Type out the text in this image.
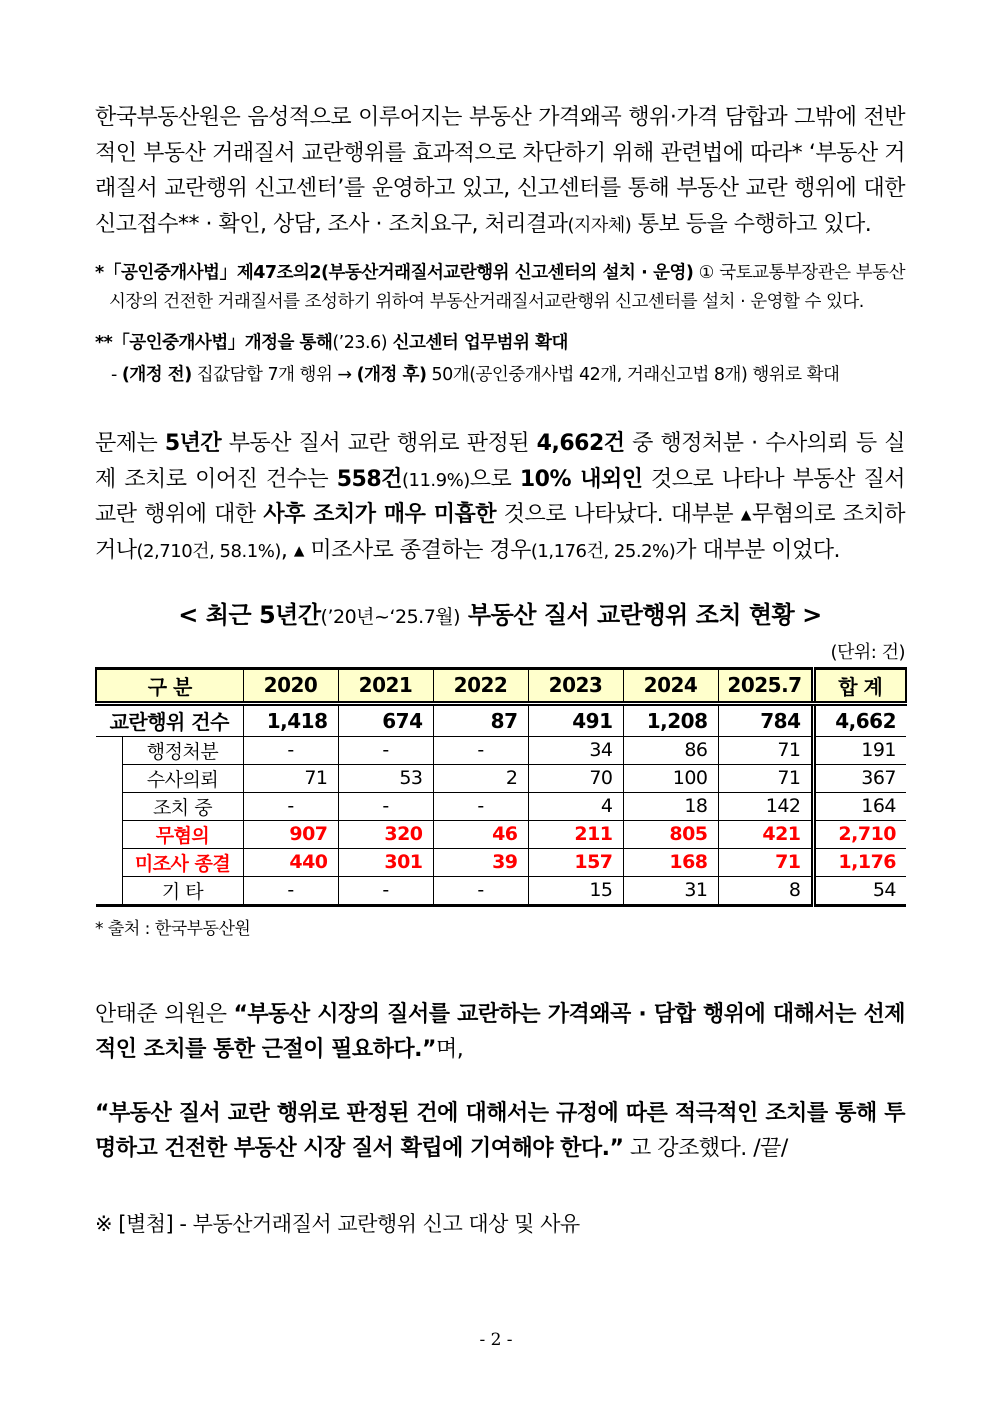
한국부동산원은 음성적으로 이루어지는 부동산 가격왜곡 행위·가격 담합과 그밖에 전반적인 부동산 거래질서 교란행위를 효과적으로 차단하기 위해 관련법에 따라* ‘부동산 거래질서 교란행위 신고센터’를 운영하고 있고, 신고센터를 통해 부동산 교란 행위에 대한 신고접수** · 확인, 상담, 조사 · 조치요구, 처리결과(지자체) 통보 등을 수행하고 있다.

*「공인중개사법」제47조의2(부동산거래질서교란행위 신고센터의 설치 · 운영) ① 국토교통부장관은 부동산 시장의 건전한 거래질서를 조성하기 위하여 부동산거래질서교란행위 신고센터를 설치 · 운영할 수 있다.

**「공인중개사법」개정을 통해(’23.6) 신고센터 업무범위 확대

- (개정 전) 집값담합 7개 행위 → (개정 후) 50개(공인중개사법 42개, 거래신고법 8개) 행위로 확대

문제는 5년간 부동산 질서 교란 행위로 판정된 4,662건 중 행정처분 · 수사의뢰 등 실제 조치로 이어진 건수는 558건(11.9%)으로 10% 내외인 것으로 나타나 부동산 질서 교란 행위에 대한 사후 조치가 매우 미흡한 것으로 나타났다. 대부분 ▲무혐의로 조치하거나(2,710건, 58.1%), ▲ 미조사로 종결하는 경우(1,176건, 25.2%)가 대부분 이었다.

< 최근 5년간(’20년~‘25.7월) 부동산 질서 교란행위 조치 현황 >
(단위: 건)
구 분		2020	2021	2022	2023	2024	2025.7	합 계
교란행위 건수		1,418	674	87	491	1,208	784	4,662
	행정처분	-	-	-	34	86	71	191
	수사의뢰	71	53	2	70	100	71	367
	조치 중	-	-	-	4	18	142	164
	무혐의	907	320	46	211	805	421	2,710
	미조사 종결	440	301	39	157	168	71	1,176
	기 타	-	-	-	15	31	8	54
* 출처 : 한국부동산원

안태준 의원은 “부동산 시장의 질서를 교란하는 가격왜곡 · 담합 행위에 대해서는 선제적인 조치를 통한 근절이 필요하다.”며,

“부동산 질서 교란 행위로 판정된 건에 대해서는 규정에 따른 적극적인 조치를 통해 투명하고 건전한 부동산 시장 질서 확립에 기여해야 한다.” 고 강조했다. /끝/

※ [별첨] - 부동산거래질서 교란행위 신고 대상 및 사유

- 2 -
